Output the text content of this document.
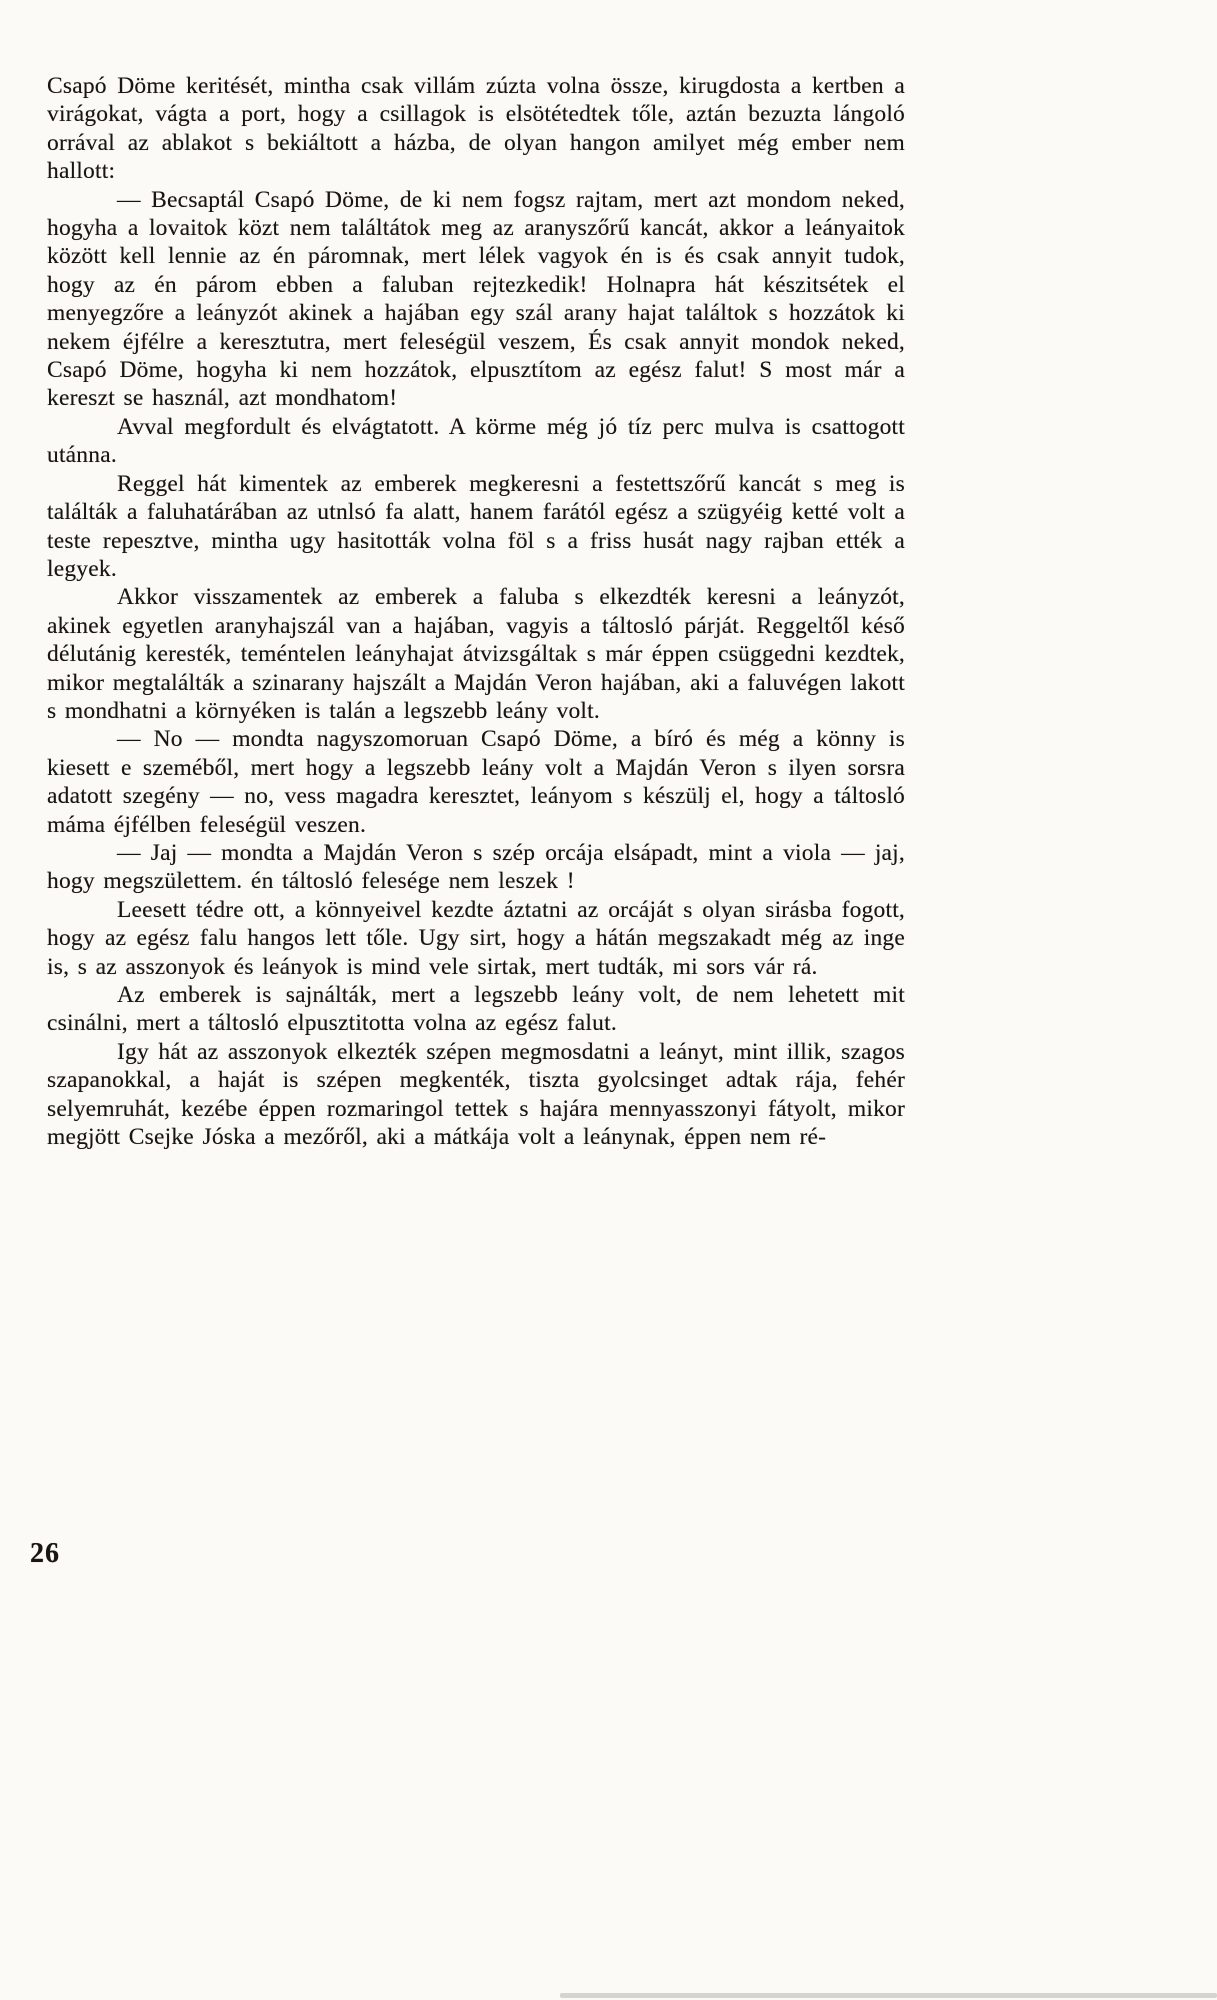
Csapó Döme keritését, mintha csak villám zúzta volna össze, kirugdosta a kertben a virágokat, vágta a port, hogy a csillagok is elsötétedtek tőle, aztán bezuzta lángoló orrával az ablakot s bekiáltott a házba, de olyan hangon amilyet még ember nem hallott:

— Becsaptál Csapó Döme, de ki nem fogsz rajtam, mert azt mondom neked, hogyha a lovaitok közt nem találtátok meg az aranyszőrű kancát, akkor a leányaitok között kell lennie az én páromnak, mert lélek vagyok én is és csak annyit tudok, hogy az én párom ebben a faluban rejtezkedik! Holnapra hát készitsétek el menyegzőre a leányzót akinek a hajában egy szál arany hajat találtok s hozzátok ki nekem éjfélre a keresztutra, mert feleségül veszem, És csak annyit mondok neked, Csapó Döme, hogyha ki nem hozzátok, elpusztítom az egész falut! S most már a kereszt se használ, azt mondhatom!

Avval megfordult és elvágtatott. A körme még jó tíz perc mulva is csattogott utánna.

Reggel hát kimentek az emberek megkeresni a festettszőrű kancát s meg is találták a faluhatárában az utnlsó fa alatt, hanem farától egész a szügyéig ketté volt a teste repesztve, mintha ugy hasitották volna föl s a friss husát nagy rajban ették a legyek.

Akkor visszamentek az emberek a faluba s elkezdték keresni a leányzót, akinek egyetlen aranyhajszál van a hajában, vagyis a táltosló párját. Reggeltől késő délutánig keresték, teméntelen leányhajat átvizsgáltak s már éppen csüggedni kezdtek, mikor megtalálták a szinarany hajszált a Majdán Veron hajában, aki a faluvégen lakott s mondhatni a környéken is talán a legszebb leány volt.

— No — mondta nagyszomoruan Csapó Döme, a bíró és még a könny is kiesett e szeméből, mert hogy a legszebb leány volt a Majdán Veron s ilyen sorsra adatott szegény — no, vess magadra keresztet, leányom s készülj el, hogy a táltosló máma éjfélben feleségül veszen.

— Jaj — mondta a Majdán Veron s szép orcája elsápadt, mint a viola — jaj, hogy megszülettem. én táltosló felesége nem leszek !

Leesett tédre ott, a könnyeivel kezdte áztatni az orcáját s olyan sirásba fogott, hogy az egész falu hangos lett tőle. Ugy sirt, hogy a hátán megszakadt még az inge is, s az asszonyok és leányok is mind vele sirtak, mert tudták, mi sors vár rá.

Az emberek is sajnálták, mert a legszebb leány volt, de nem lehetett mit csinálni, mert a táltosló elpusztitotta volna az egész falut.

Igy hát az asszonyok elkezték szépen megmosdatni a leányt, mint illik, szagos szapanokkal, a haját is szépen megkenték, tiszta gyolcsinget adtak rája, fehér selyemruhát, kezébe éppen rozmaringol tettek s hajára mennyasszonyi fátyolt, mikor megjött Csejke Jóska a mezőről, aki a mátkája volt a leánynak, éppen nem ré-

26
